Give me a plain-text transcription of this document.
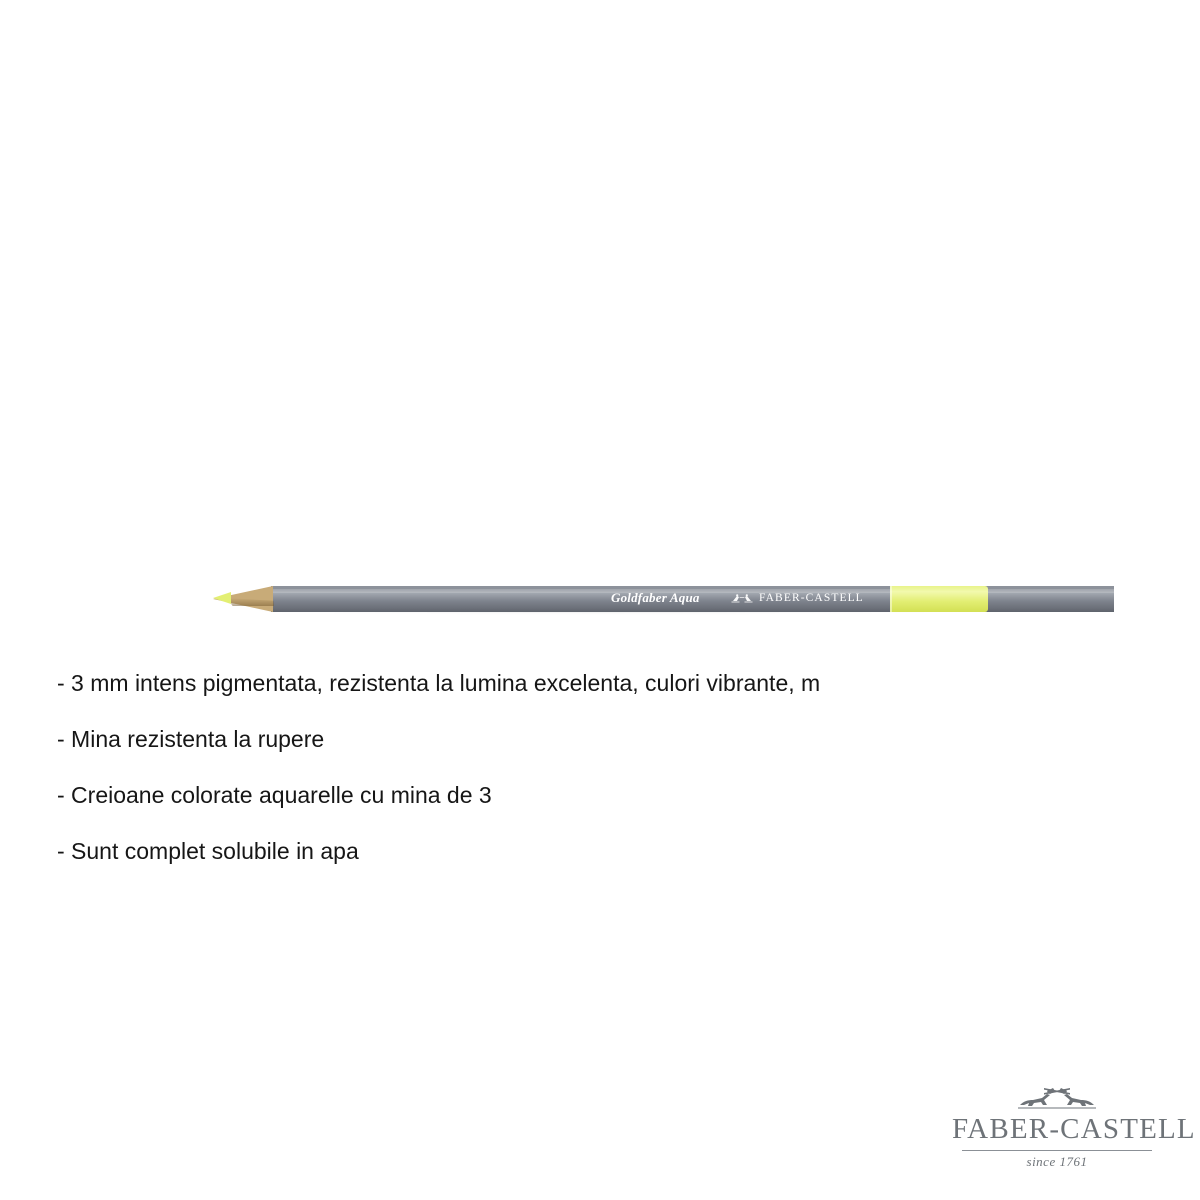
Goldfaber Aqua	FABER-CASTELL
- 3 mm intens pigmentata, rezistenta la lumina excelenta, culori vibrante, m
- Mina rezistenta la rupere
- Creioane colorate aquarelle cu mina de 3
- Sunt complet solubile in apa
FABER-CASTELL
since 1761
